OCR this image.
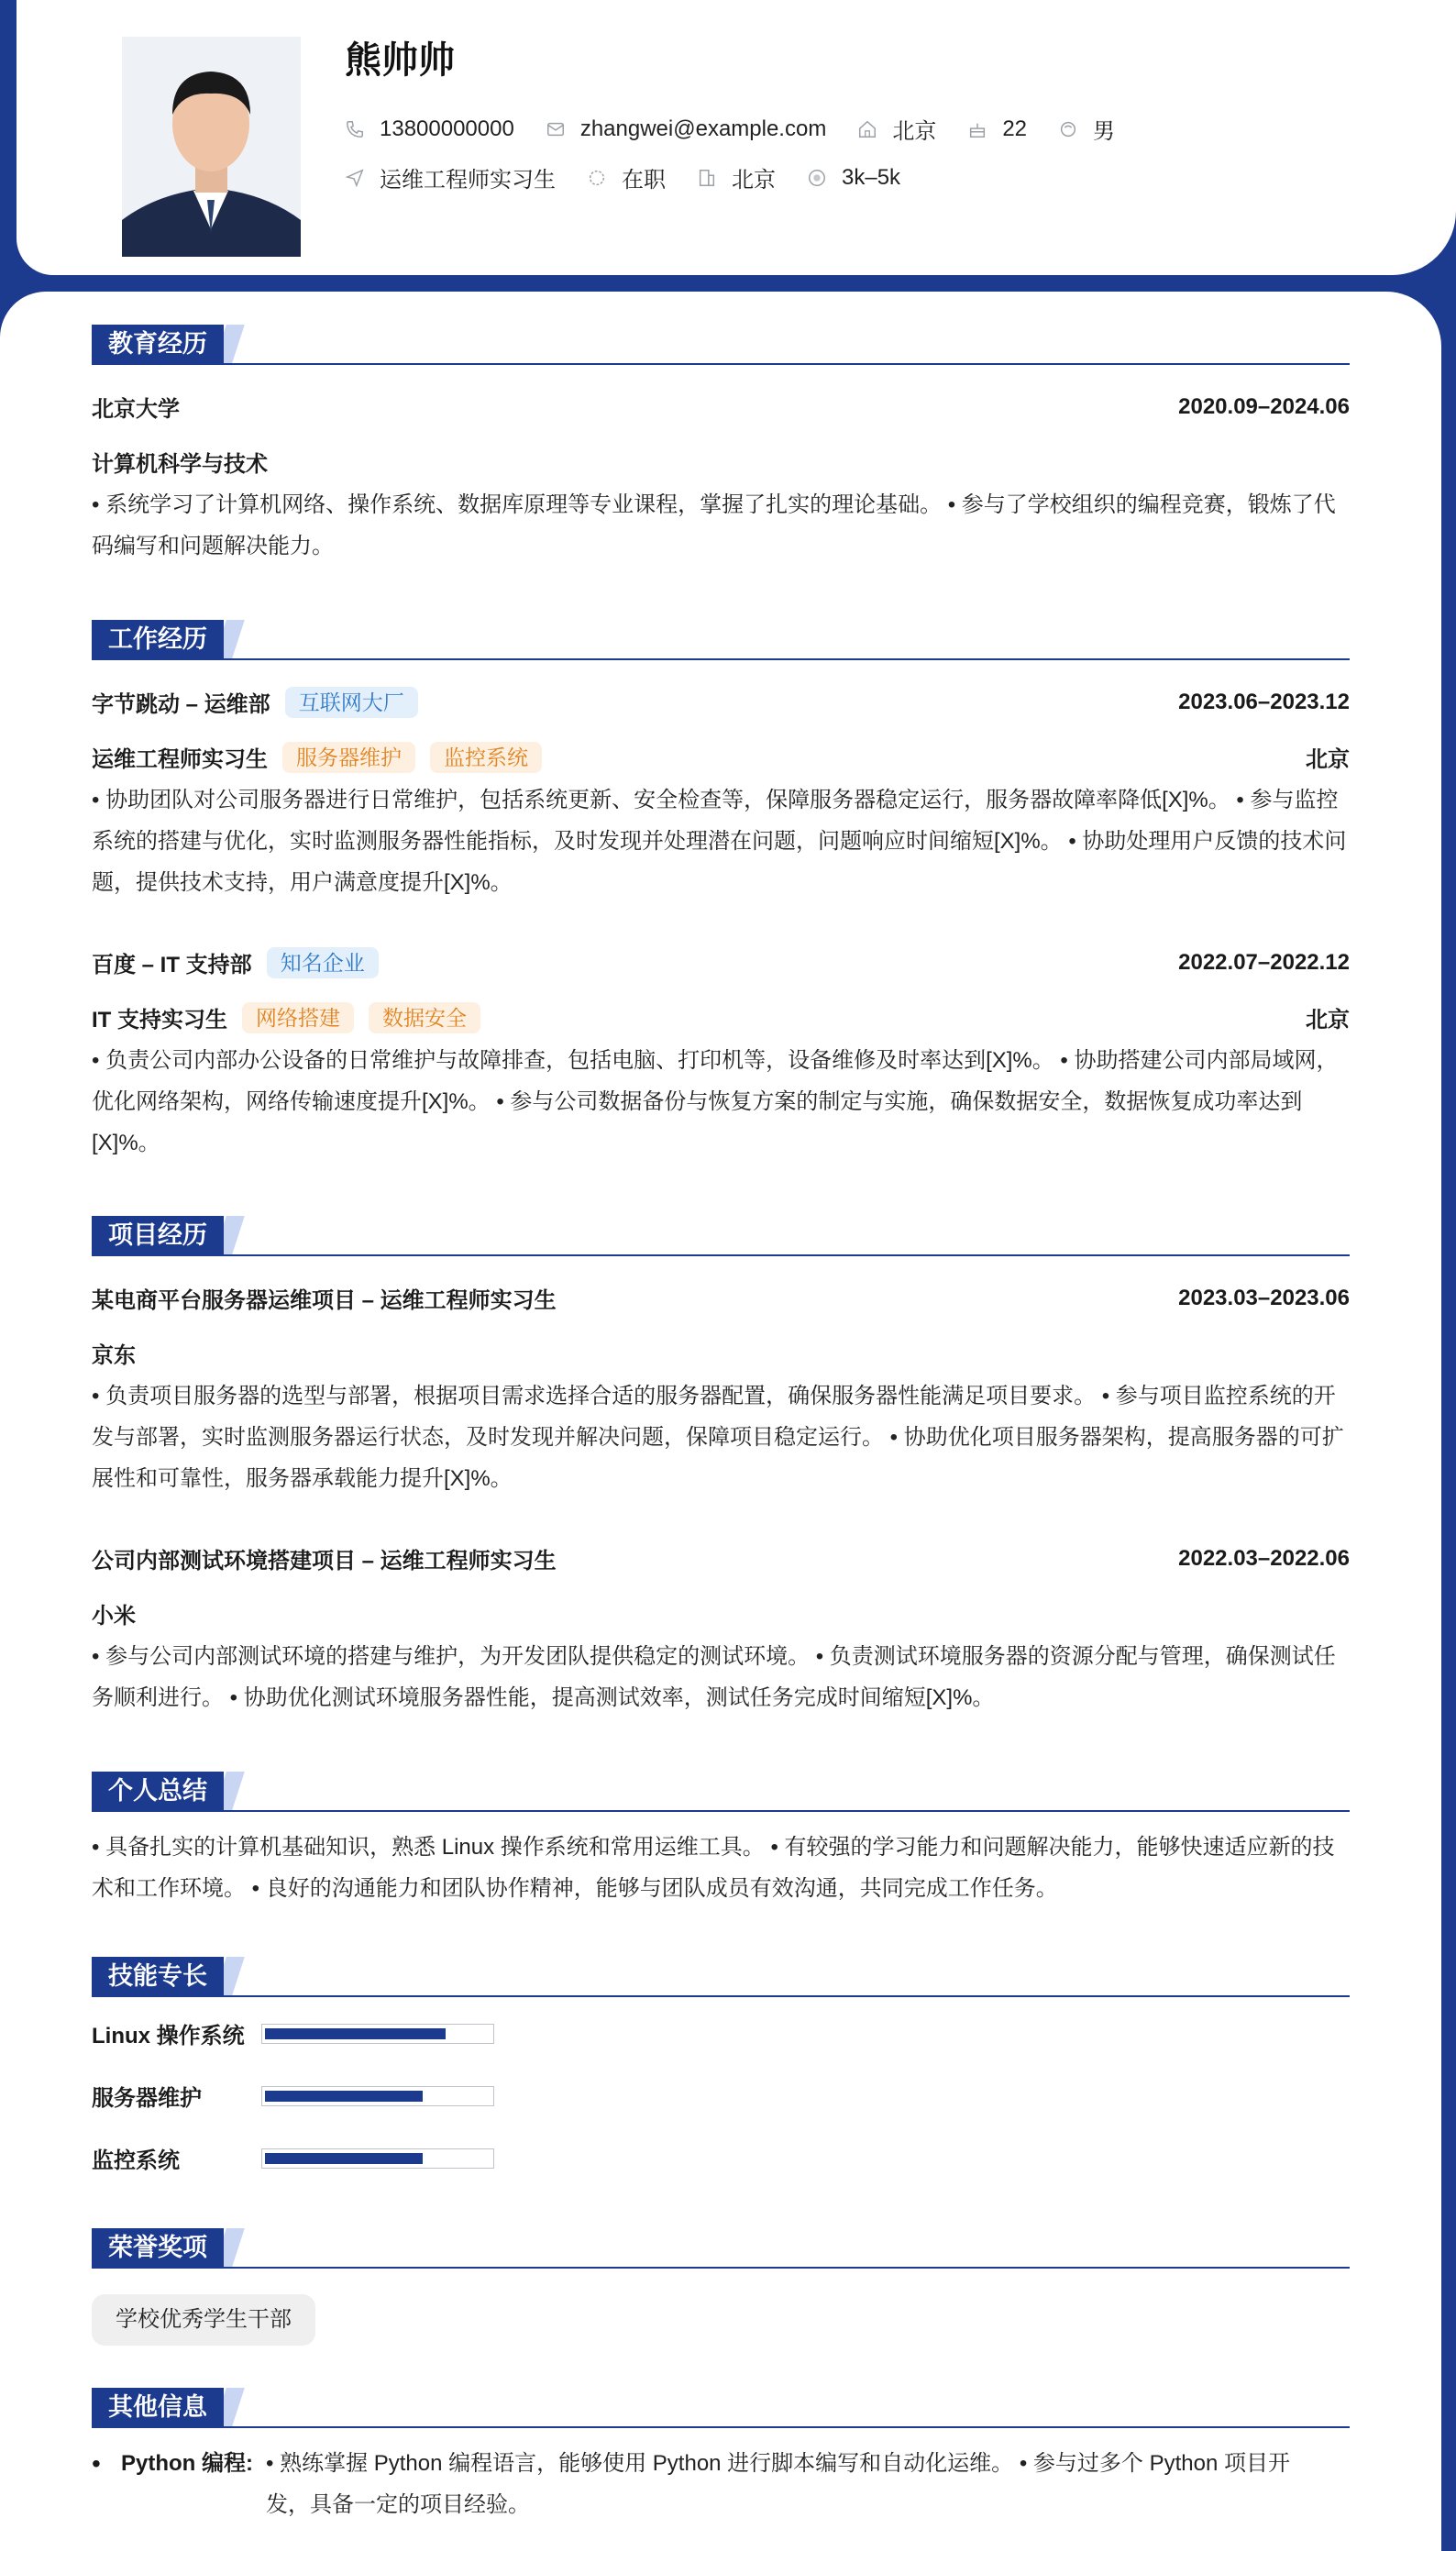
熊帅帅
13800000000	zhangwei@example.com	北京	22	男
运维工程师实习生	在职	北京	3k–5k
教育经历
北京大学	2020.09–2024.06
计算机科学与技术
• 系统学习了计算机网络、操作系统、数据库原理等专业课程，掌握了扎实的理论基础。 • 参与了学校组织的编程竞赛，锻炼了代码编写和问题解决能力。
工作经历
字节跳动 – 运维部	互联网大厂	2023.06–2023.12
运维工程师实习生	服务器维护	监控系统	北京
• 协助团队对公司服务器进行日常维护，包括系统更新、安全检查等，保障服务器稳定运行，服务器故障率降低[X]%。 • 参与监控系统的搭建与优化，实时监测服务器性能指标，及时发现并处理潜在问题，问题响应时间缩短[X]%。 • 协助处理用户反馈的技术问题，提供技术支持，用户满意度提升[X]%。
百度 – IT 支持部	知名企业	2022.07–2022.12
IT 支持实习生	网络搭建	数据安全	北京
• 负责公司内部办公设备的日常维护与故障排查，包括电脑、打印机等，设备维修及时率达到[X]%。 • 协助搭建公司内部局域网，优化网络架构，网络传输速度提升[X]%。 • 参与公司数据备份与恢复方案的制定与实施，确保数据安全，数据恢复成功率达到[X]%。
项目经历
某电商平台服务器运维项目 – 运维工程师实习生	2023.03–2023.06
京东
• 负责项目服务器的选型与部署，根据项目需求选择合适的服务器配置，确保服务器性能满足项目要求。 • 参与项目监控系统的开发与部署，实时监测服务器运行状态，及时发现并解决问题，保障项目稳定运行。 • 协助优化项目服务器架构，提高服务器的可扩展性和可靠性，服务器承载能力提升[X]%。
公司内部测试环境搭建项目 – 运维工程师实习生	2022.03–2022.06
小米
• 参与公司内部测试环境的搭建与维护，为开发团队提供稳定的测试环境。 • 负责测试环境服务器的资源分配与管理，确保测试任务顺利进行。 • 协助优化测试环境服务器性能，提高测试效率，测试任务完成时间缩短[X]%。
个人总结
• 具备扎实的计算机基础知识，熟悉 Linux 操作系统和常用运维工具。 • 有较强的学习能力和问题解决能力，能够快速适应新的技术和工作环境。 • 良好的沟通能力和团队协作精神，能够与团队成员有效沟通，共同完成工作任务。
技能专长
Linux 操作系统
服务器维护
监控系统
荣誉奖项
学校优秀学生干部
其他信息
• Python 编程: • 熟练掌握 Python 编程语言，能够使用 Python 进行脚本编写和自动化运维。 • 参与过多个 Python 项目开发，具备一定的项目经验。
